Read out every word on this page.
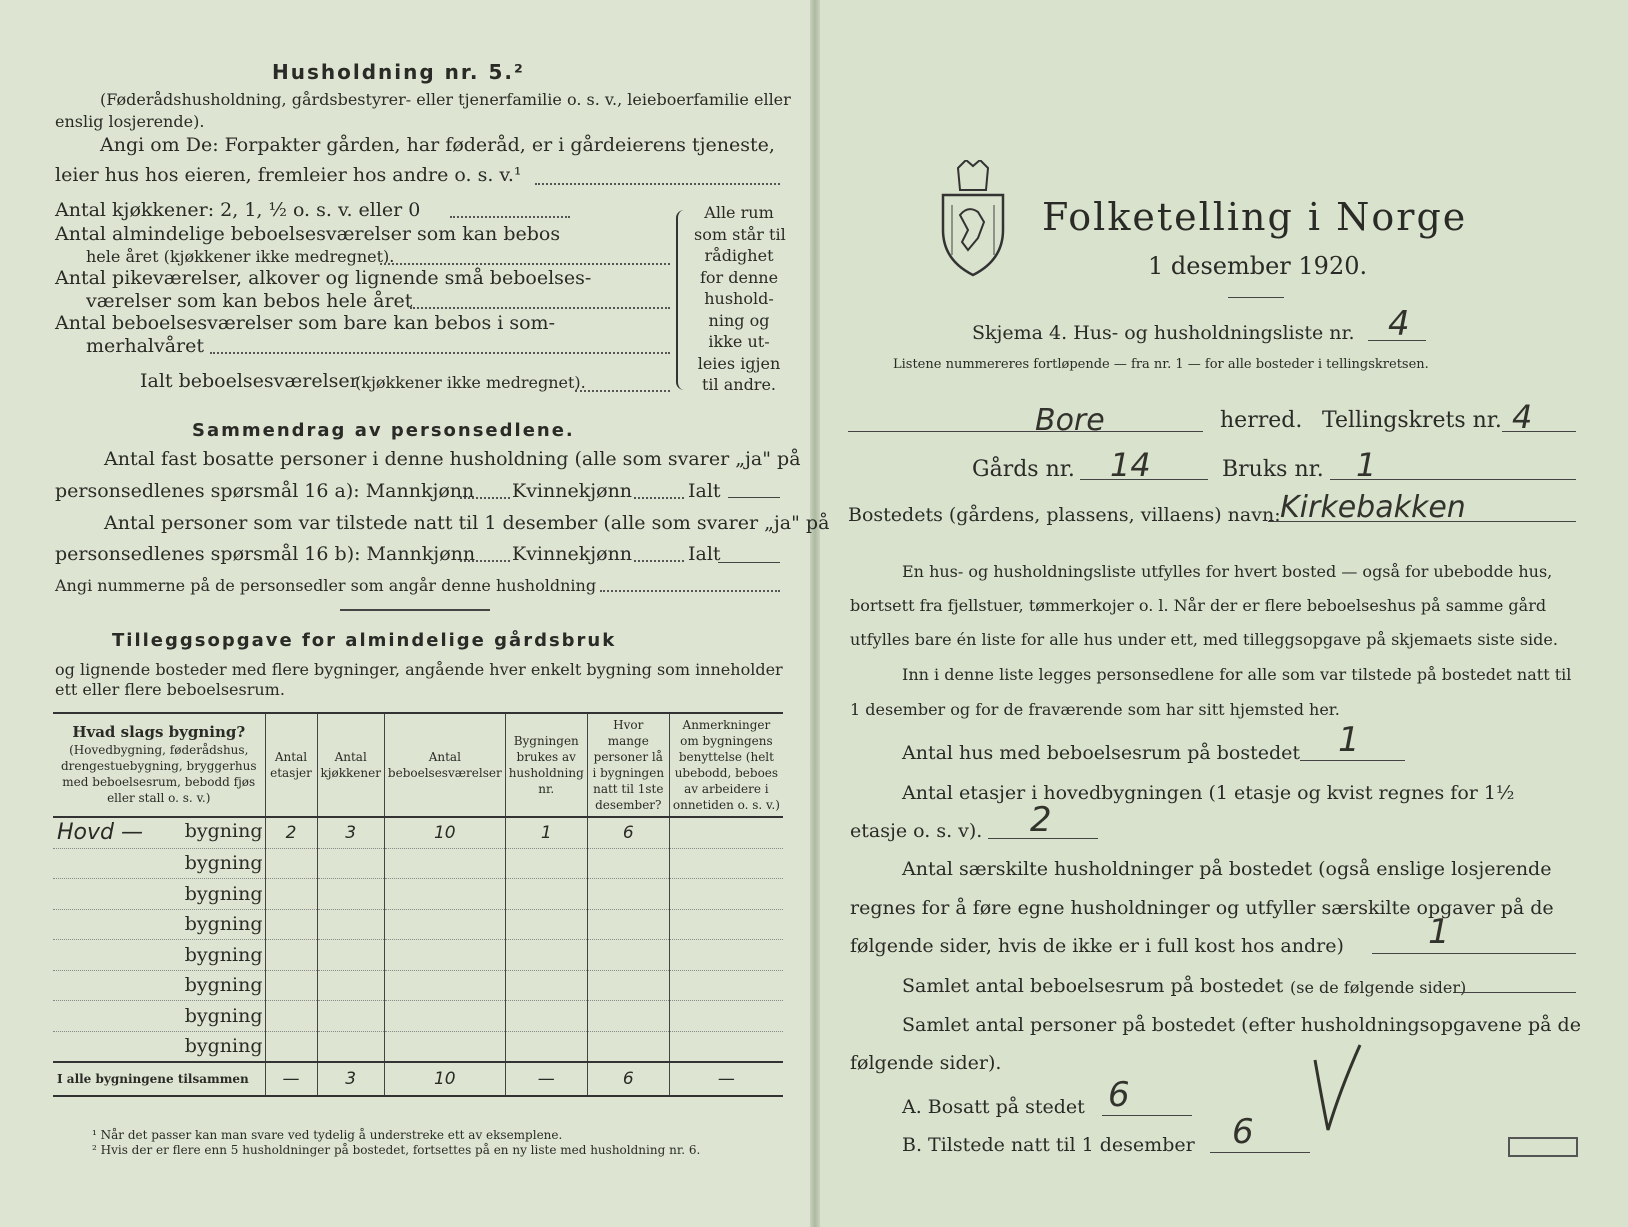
Husholdning nr. 5.²
(Føderådshusholdning, gårdsbestyrer- eller tjenerfamilie o. s. v., leieboerfamilie eller
enslig losjerende).
Angi om De: Forpakter gården, har føderåd, er i gårdeierens tjeneste,
leier hus hos eieren, fremleier hos andre o. s. v.¹
Antal kjøkkener: 2, 1, ½ o. s. v. eller 0
Antal almindelige beboelsesværelser som kan bebos
hele året (kjøkkener ikke medregnet).
Antal pikeværelser, alkover og lignende små beboelses-
værelser som kan bebos hele året
Antal beboelsesværelser som bare kan bebos i som-
merhalvåret
Ialt beboelsesværelser
(kjøkkener ikke medregnet).
Alle rum
som står til
rådighet
for denne
hushold-
ning og
ikke ut-
leies igjen
til andre.
Sammendrag av personsedlene.
Antal fast bosatte personer i denne husholdning (alle som svarer „ja" på
personsedlenes spørsmål 16 a): Mannkjønn Kvinnekjønn	Ialt
Antal personer som var tilstede natt til 1 desember (alle som svarer „ja" på
personsedlenes spørsmål 16 b): Mannkjønn Kvinnekjønn	Ialt
Angi nummerne på de personsedler som angår denne husholdning
Tilleggsopgave for almindelige gårdsbruk
og lignende bosteder med flere bygninger, angående hver enkelt bygning som inneholder
ett eller flere beboelsesrum.
Hvad slags bygning?
(Hovedbygning, føderådshus, drengestuebygning, bryggerhus med beboelsesrum, bebodd fjøs eller stall o. s. v.)	Antal etasjer	Antal kjøkkener	Antal beboelsesværelser	Bygningen brukes av husholdning nr.	Hvor mange personer lå i bygningen natt til 1ste desember?	Anmerkninger om bygningens benyttelse (helt ubebodd, beboes av arbeidere i onnetiden o. s. v.)

Hovd — bygning	2	3	10	1	6	

bygning						

bygning						

bygning						

bygning						

bygning						

bygning						

bygning						
I alle bygningene tilsammen	—	3	10	—	6	—
¹ Når det passer kan man svare ved tydelig å understreke ett av eksemplene.
² Hvis der er flere enn 5 husholdninger på bostedet, fortsettes på en ny liste med husholdning nr. 6.
Folketelling i Norge
1 desember 1920.
Skjema 4. Hus- og husholdningsliste nr. 4
Listene nummereres fortløpende — fra nr. 1 — for alle bosteder i tellingskretsen.
Bore	herred. Tellingskrets nr. 4
Gårds nr. 14	Bruks nr. 1
Bostedets (gårdens, plassens, villaens) navn: Kirkebakken
En hus- og husholdningsliste utfylles for hvert bosted — også for ubebodde hus,
bortsett fra fjellstuer, tømmerkojer o. l. Når der er flere beboelseshus på samme gård
utfylles bare én liste for alle hus under ett, med tilleggsopgave på skjemaets siste side.
Inn i denne liste legges personsedlene for alle som var tilstede på bostedet natt til
1 desember og for de fraværende som har sitt hjemsted her.
Antal hus med beboelsesrum på bostedet 1
Antal etasjer i hovedbygningen (1 etasje og kvist regnes for 1½
etasje o. s. v). 2
Antal særskilte husholdninger på bostedet (også enslige losjerende
regnes for å føre egne husholdninger og utfyller særskilte opgaver på de
følgende sider, hvis de ikke er i full kost hos andre) 1
Samlet antal beboelsesrum på bostedet (se de følgende sider)
Samlet antal personer på bostedet (efter husholdningsopgavene på de
følgende sider).
A. Bosatt på stedet 6
B. Tilstede natt til 1 desember 6
